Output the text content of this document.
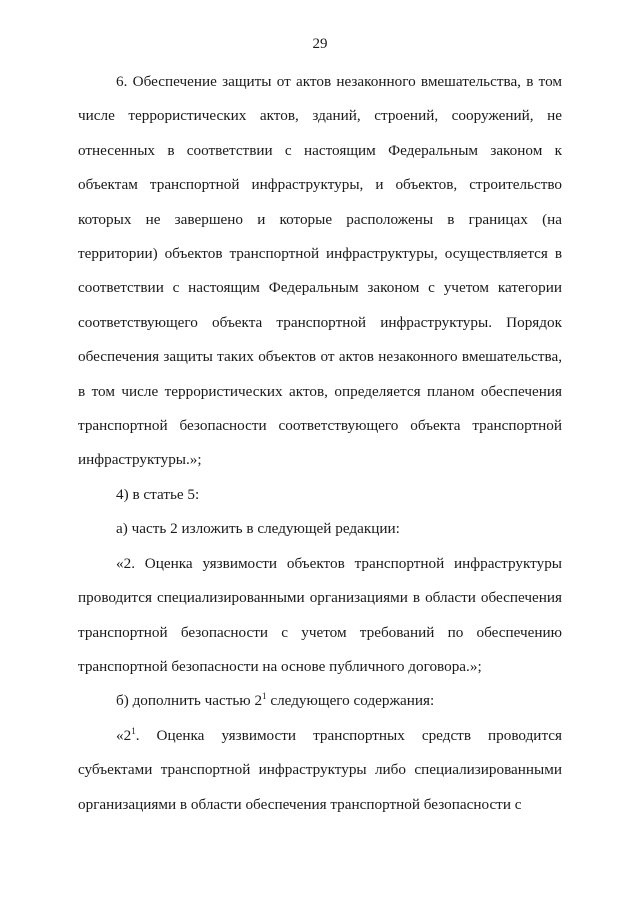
29

6. Обеспечение защиты от актов незаконного вмешательства, в том числе террористических актов, зданий, строений, сооружений, не отнесенных в соответствии с настоящим Федеральным законом к объектам транспортной инфраструктуры, и объектов, строительство которых не завершено и которые расположены в границах (на территории) объектов транспортной инфраструктуры, осуществляется в соответствии с настоящим Федеральным законом с учетом категории соответствующего объекта транспортной инфраструктуры. Порядок обеспечения защиты таких объектов от актов незаконного вмешательства, в том числе террористических актов, определяется планом обеспечения транспортной безопасности соответствующего объекта транспортной инфраструктуры.»;

4) в статье 5:

а) часть 2 изложить в следующей редакции:

«2. Оценка уязвимости объектов транспортной инфраструктуры проводится специализированными организациями в области обеспечения транспортной безопасности с учетом требований по обеспечению транспортной безопасности на основе публичного договора.»;

б) дополнить частью $2^1$ следующего содержания:

«$2^1$. Оценка уязвимости транспортных средств проводится субъектами транспортной инфраструктуры либо специализированными организациями в области обеспечения транспортной безопасности с
